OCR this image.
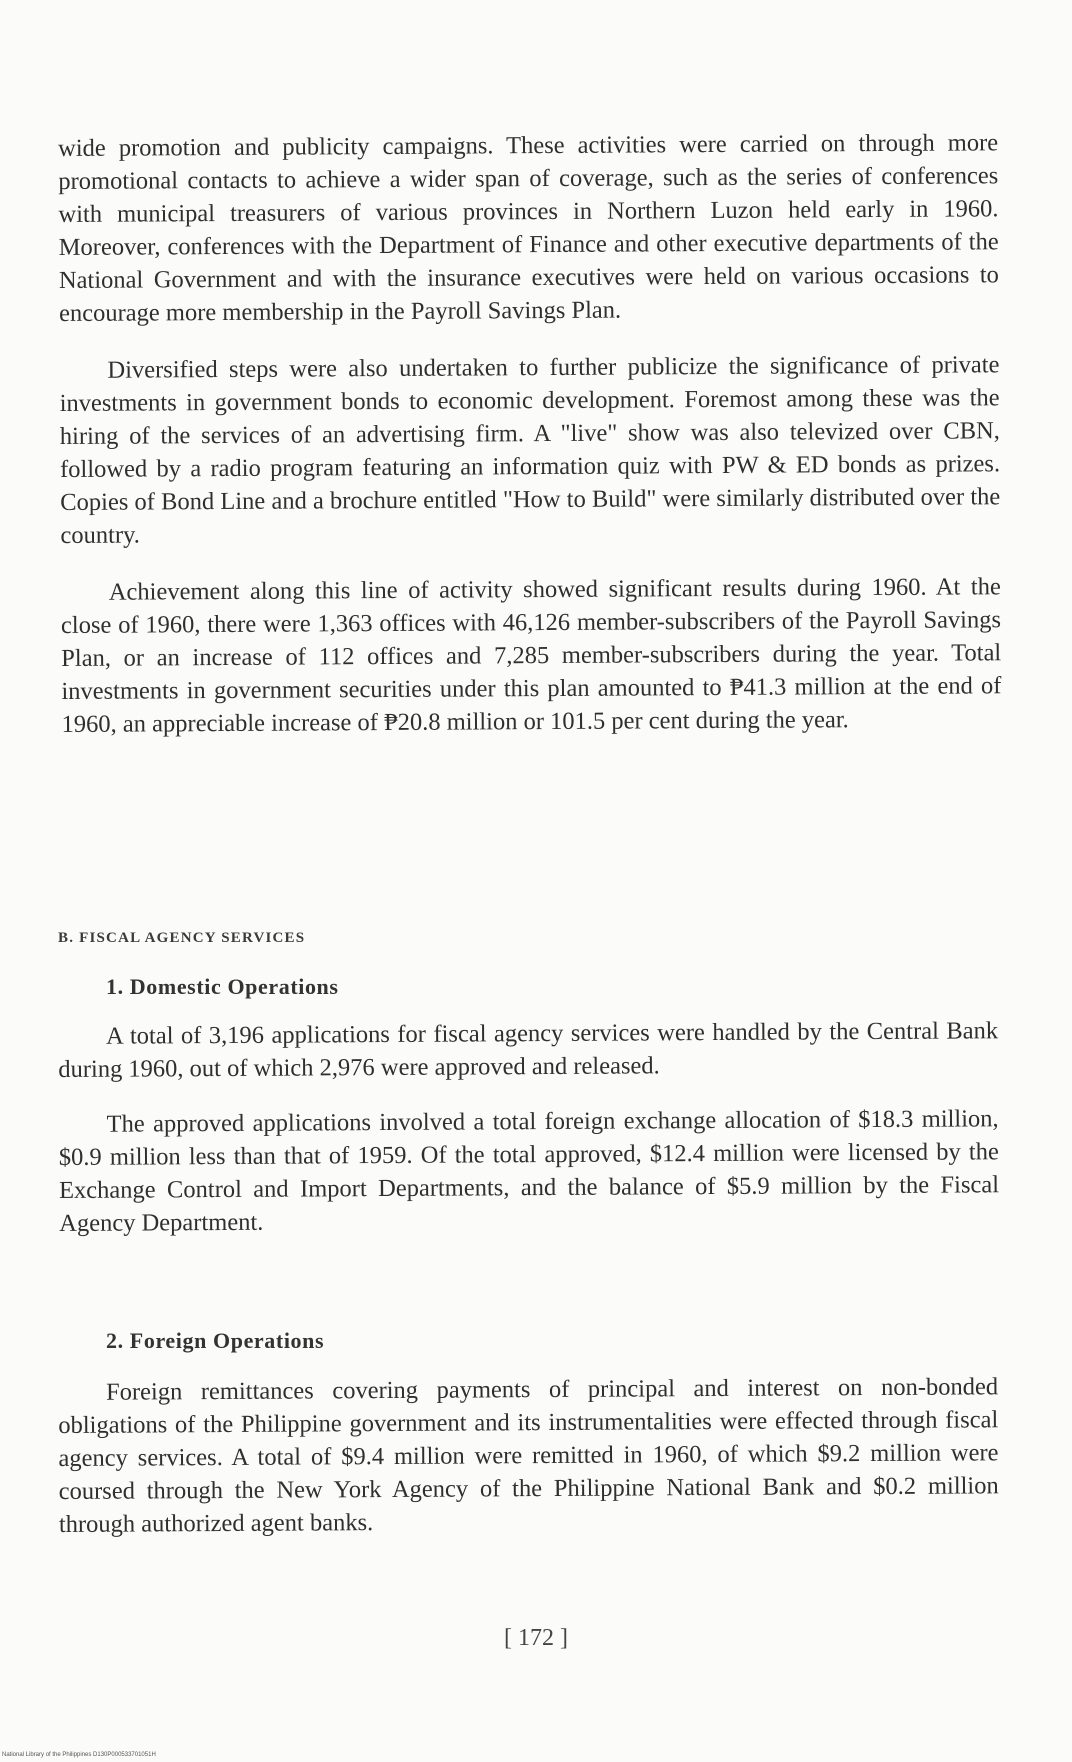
wide promotion and publicity campaigns. These activities were carried on through more promotional contacts to achieve a wider span of coverage, such as the series of conferences with municipal treasurers of various provinces in Northern Luzon held early in 1960. Moreover, conferences with the Department of Finance and other executive departments of the National Government and with the insurance executives were held on various occasions to encourage more membership in the Payroll Savings Plan.

Diversified steps were also undertaken to further publicize the significance of private investments in government bonds to economic development. Foremost among these was the hiring of the services of an advertising firm. A "live" show was also televized over CBN, followed by a radio program featuring an information quiz with PW & ED bonds as prizes. Copies of Bond Line and a brochure entitled "How to Build" were similarly distributed over the country.

Achievement along this line of activity showed significant results during 1960. At the close of 1960, there were 1,363 offices with 46,126 member-subscribers of the Payroll Savings Plan, or an increase of 112 offices and 7,285 member-subscribers during the year. Total investments in government securities under this plan amounted to ₱41.3 million at the end of 1960, an appreciable increase of ₱20.8 million or 101.5 per cent during the year.

B. FISCAL AGENCY SERVICES
1. Domestic Operations

A total of 3,196 applications for fiscal agency services were handled by the Central Bank during 1960, out of which 2,976 were approved and released.

The approved applications involved a total foreign exchange allocation of $18.3 million, $0.9 million less than that of 1959. Of the total approved, $12.4 million were licensed by the Exchange Control and Import Departments, and the balance of $5.9 million by the Fiscal Agency Department.

2. Foreign Operations

Foreign remittances covering payments of principal and interest on non-bonded obligations of the Philippine government and its instrumentalities were effected through fiscal agency services. A total of $9.4 million were remitted in 1960, of which $9.2 million were coursed through the New York Agency of the Philippine National Bank and $0.2 million through authorized agent banks.

[ 172 ]
National Library of the Philippines D130P000533701051H
